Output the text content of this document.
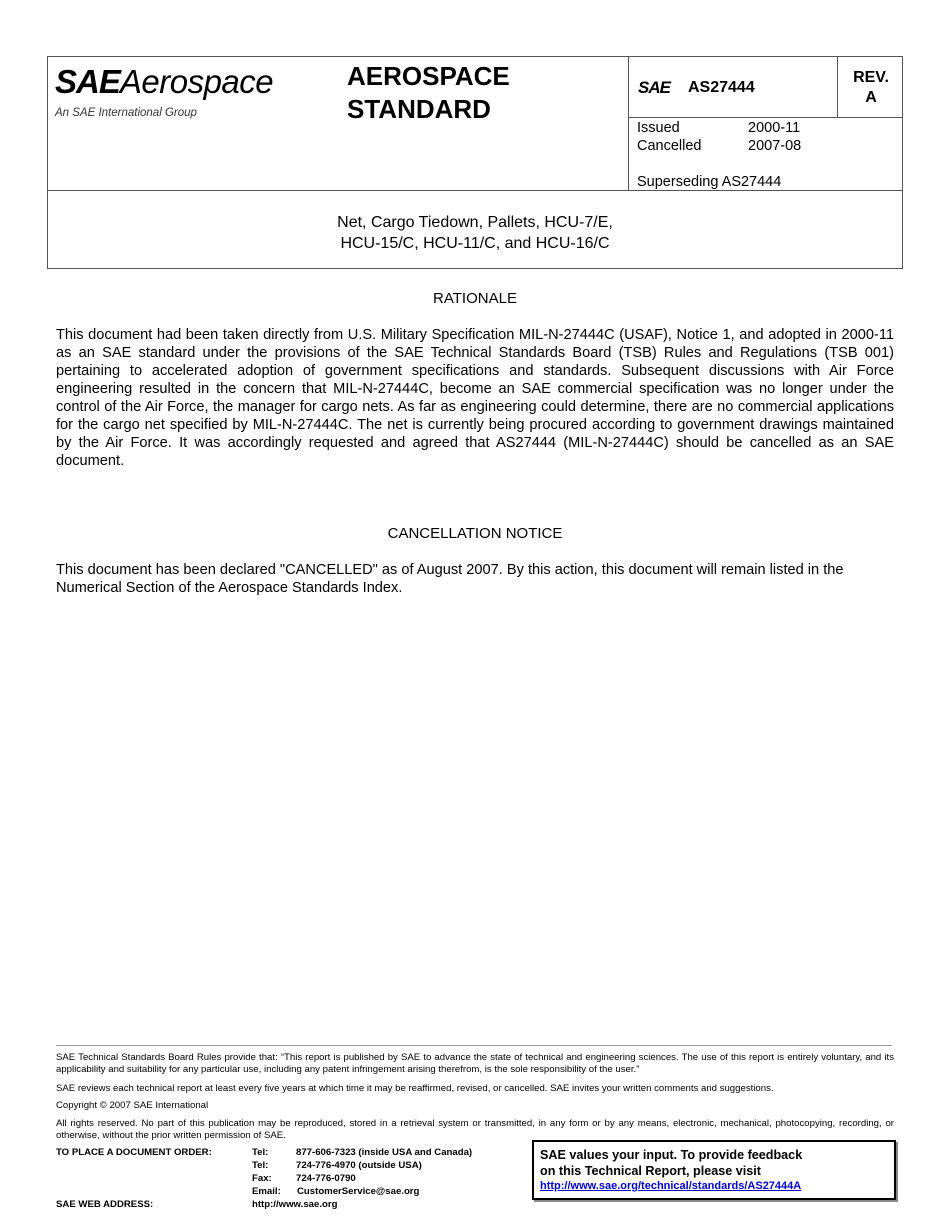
SAEAerospace
An SAE International Group
AEROSPACE
STANDARD
SAE AS27444
REV.
A
Issued	2000-11
Cancelled	2007-08
Superseding AS27444
Net, Cargo Tiedown, Pallets, HCU-7/E,
HCU-15/C, HCU-11/C, and HCU-16/C
RATIONALE
This document had been taken directly from U.S. Military Specification MIL-N-27444C (USAF), Notice 1, and adopted in 2000-11 as an SAE standard under the provisions of the SAE Technical Standards Board (TSB) Rules and Regulations (TSB 001) pertaining to accelerated adoption of government specifications and standards. Subsequent discussions with Air Force engineering resulted in the concern that MIL-N-27444C, become an SAE commercial specification was no longer under the control of the Air Force, the manager for cargo nets. As far as engineering could determine, there are no commercial applications for the cargo net specified by MIL-N-27444C. The net is currently being procured according to government drawings maintained by the Air Force. It was accordingly requested and agreed that AS27444 (MIL-N-27444C) should be cancelled as an SAE document.
CANCELLATION NOTICE
This document has been declared "CANCELLED" as of August 2007. By this action, this document will remain listed in the Numerical Section of the Aerospace Standards Index.
SAE Technical Standards Board Rules provide that: “This report is published by SAE to advance the state of technical and engineering sciences. The use of this report is entirely voluntary, and its applicability and suitability for any particular use, including any patent infringement arising therefrom, is the sole responsibility of the user.”
SAE reviews each technical report at least every five years at which time it may be reaffirmed, revised, or cancelled. SAE invites your written comments and suggestions.
Copyright © 2007 SAE International
All rights reserved. No part of this publication may be reproduced, stored in a retrieval system or transmitted, in any form or by any means, electronic, mechanical, photocopying, recording, or otherwise, without the prior written permission of SAE.
TO PLACE A DOCUMENT ORDER:	Tel:	877-606-7323 (inside USA and Canada)
Tel:	724-776-4970 (outside USA)
Fax:	724-776-0790
Email: CustomerService@sae.org
SAE WEB ADDRESS:	http://www.sae.org
SAE values your input. To provide feedback
on this Technical Report, please visit
http://www.sae.org/technical/standards/AS27444A
